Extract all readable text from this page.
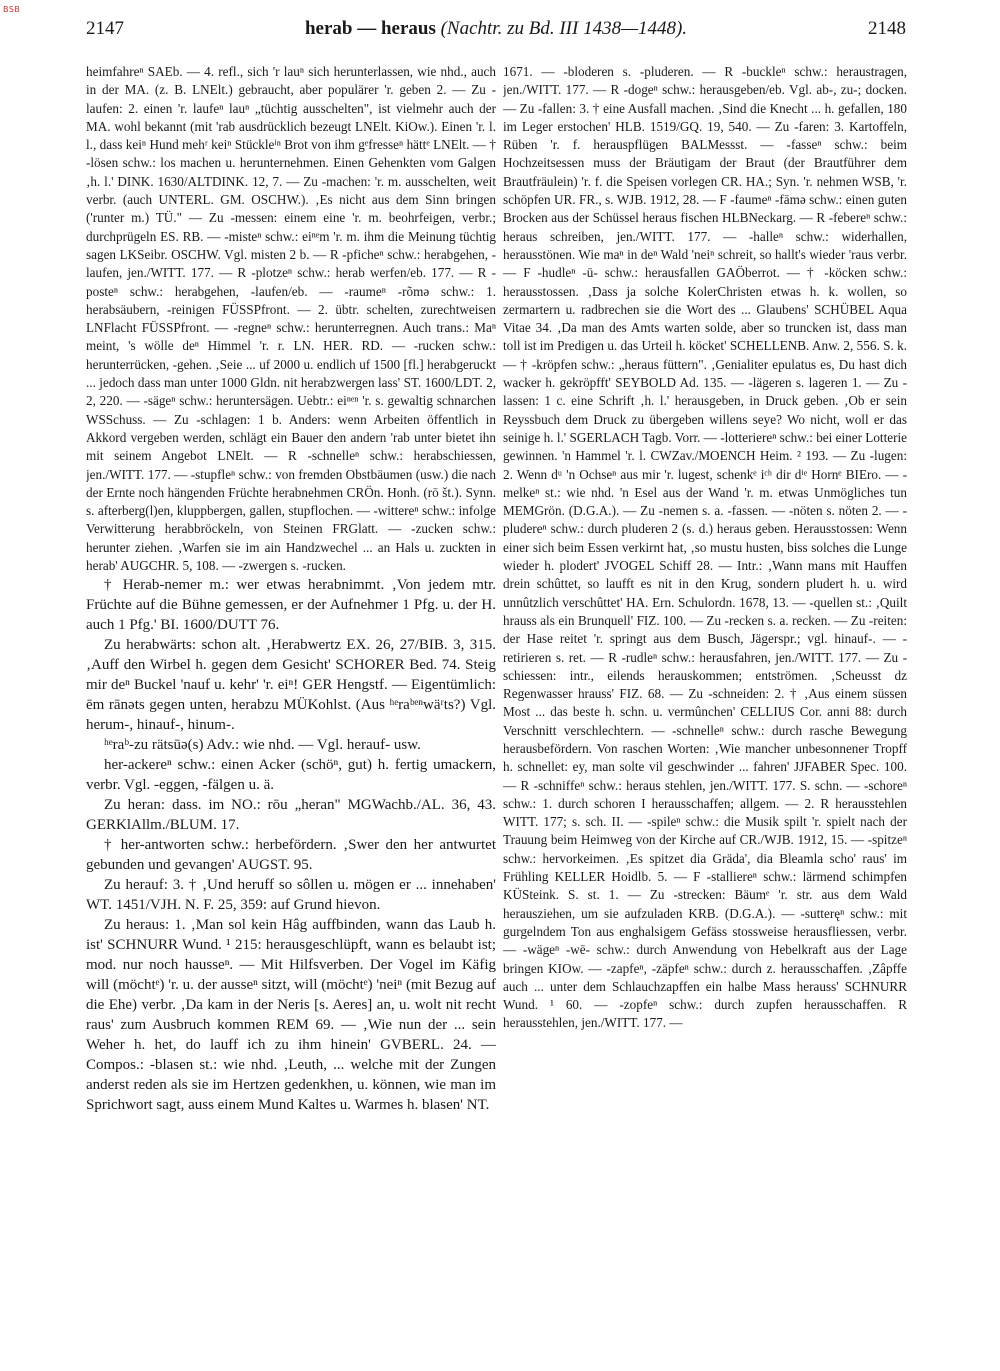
BSB
2147	herab — heraus (Nachtr. zu Bd. III 1438—1448).	2148

heimfahreⁿ SAEb. — 4. refl., sich 'r lauⁿ sich herunterlassen, wie nhd., auch in der MA. (z. B. LNElt.) gebraucht, aber populärer 'r. geben 2. — Zu -laufen: 2. einen 'r. laufeⁿ lauⁿ „tüchtig ausschelten", ist vielmehr auch der MA. wohl bekannt (mit 'rab ausdrücklich bezeugt LNElt. KiOw.). Einen 'r. l. l., dass keiⁿ Hund mehʳ keiⁿ Stückleⁱⁿ Brot von ihm gᵉfresseⁿ hättᵉ LNElt. — † -lösen schw.: los machen u. herunternehmen. Einen Gehenkten vom Galgen ‚h. l.' DINK. 1630/ALTDINK. 12, 7. — Zu -machen: 'r. m. ausschelten, weit verbr. (auch UNTERL. GM. OSCHW.). ‚Es nicht aus dem Sinn bringen ('runter m.) TÜ." — Zu -messen: einem eine 'r. m. beohrfeigen, verbr.; durchprügeln ES. RB. — -misteⁿ schw.: eiⁿᵉm 'r. m. ihm die Meinung tüchtig sagen LKSeibr. OSCHW. Vgl. misten 2 b. — R -pficheⁿ schw.: herabgehen, -laufen, jen./WITT. 177. — R -plotzeⁿ schw.: herab werfen/eb. 177. — R -posteⁿ schw.: herabgehen, -laufen/eb. — -raumeⁿ -rõmə schw.: 1. herabsäubern, -reinigen FÜSSPfront. — 2. übtr. schelten, zurechtweisen LNFlacht FÜSSPfront. — -regneⁿ schw.: herunterregnen. Auch trans.: Maⁿ meint, 's wölle deⁿ Himmel 'r. r. LN. HER. RD. — -rucken schw.: herunterrücken, -gehen. ‚Seie ... uf 2000 u. endlich uf 1500 [fl.] herabgeruckt ... jedoch dass man unter 1000 Gldn. nit herabzwergen lass' ST. 1600/LDT. 2, 2, 220. — -sägeⁿ schw.: heruntersägen. Uebtr.: eiⁿᵉⁿ 'r. s. gewaltig schnarchen WSSchuss. — Zu -schlagen: 1 b. Anders: wenn Arbeiten öffentlich in Akkord vergeben werden, schlägt ein Bauer den andern 'rab unter bietet ihn mit seinem Angebot LNElt. — R -schnelleⁿ schw.: herabschiessen, jen./WITT. 177. — -stupfleⁿ schw.: von fremden Obstbäumen (usw.) die nach der Ernte noch hängenden Früchte herabnehmen CRÖn. Honh. (rō št.). Synn. s. afterberg(l)en, kluppbergen, gallen, stupflochen. — -wittereⁿ schw.: infolge Verwitterung herabbröckeln, von Steinen FRGlatt. — -zucken schw.: herunter ziehen. ‚Warfen sie im ain Handzwechel ... an Hals u. zuckten in herab' AUGCHR. 5, 108. — -zwergen s. -rucken.

† Herab-nemer m.: wer etwas herabnimmt. ‚Von jedem mtr. Früchte auf die Bühne gemessen, er der Aufnehmer 1 Pfg. u. der H. auch 1 Pfg.' BI. 1600/DUTT 76.

Zu herabwärts: schon alt. ‚Herabwertz EX. 26, 27/BIB. 3, 315. ‚Auff den Wirbel h. gegen dem Gesicht' SCHORER Bed. 74. Steig mir deⁿ Buckel 'nauf u. kehr' 'r. eiⁿ! GER Hengstf. — Eigentümlich: ēm rānəts gegen unten, herabzu MÜKohlst. (Aus ʰᵉraᵇᵉⁿwäʳts?) Vgl. herum-, hinauf-, hinum-.

ʰᵉraᵇ-zu rätsūə(s) Adv.: wie nhd. — Vgl. herauf- usw.

her-ackereⁿ schw.: einen Acker (schöⁿ, gut) h. fertig umackern, verbr. Vgl. -eggen, -fälgen u. ä.

Zu heran: dass. im NO.: rōu „heran" MGWachb./AL. 36, 43. GERKlAllm./BLUM. 17.

† her-antworten schw.: herbefördern. ‚Swer den her antwurtet gebunden und gevangen' AUGST. 95.

Zu herauf: 3. † ‚Und heruff so sôllen u. mögen er ... innehaben' WT. 1451/VJH. N. F. 25, 359: auf Grund hievon.

Zu heraus: 1. ‚Man sol kein Hâg auffbinden, wann das Laub h. ist' SCHNURR Wund. ¹ 215: herausgeschlüpft, wann es belaubt ist; mod. nur noch hausseⁿ. — Mit Hilfsverben. Der Vogel im Käfig will (möchtᵉ) 'r. u. der ausseⁿ sitzt, will (möchtᵉ) 'neiⁿ (mit Bezug auf die Ehe) verbr. ‚Da kam in der Neris [s. Aeres] an, u. wolt nit recht raus' zum Ausbruch kommen REM 69. — ‚Wie nun der ... sein Weher h. het, do lauff ich zu ihm hinein' GVBERL. 24. — Compos.: -blasen st.: wie nhd. ‚Leuth, ... welche mit der Zungen anderst reden als sie im Hertzen gedenkhen, u. können, wie man im Sprichwort sagt, auss einem Mund Kaltes u. Warmes h. blasen' NT.

1671. — -bloderen s. -pluderen. — R -buckleⁿ schw.: heraustragen, jen./WITT. 177. — R -dogeⁿ schw.: herausgeben/eb. Vgl. ab-, zu-; docken. — Zu -fallen: 3. † eine Ausfall machen. ‚Sind die Knecht ... h. gefallen, 180 im Leger erstochen' HLB. 1519/GQ. 19, 540. — Zu -faren: 3. Kartoffeln, Rüben 'r. f. herauspflügen BALMessst. — -fasseⁿ schw.: beim Hochzeitsessen muss der Bräutigam der Braut (der Brautführer dem Brautfräulein) 'r. f. die Speisen vorlegen CR. HA.; Syn. 'r. nehmen WSB, 'r. schöpfen UR. FR., s. WJB. 1912, 28. — F -faumeⁿ -fāmə schw.: einen guten Brocken aus der Schüssel heraus fischen HLBNeckarg. — R -febereⁿ schw.: heraus schreiben, jen./WITT. 177. — -halleⁿ schw.: widerhallen, herausstönen. Wie maⁿ in deⁿ Wald 'neiⁿ schreit, so hallt's wieder 'raus verbr. — F -hudleⁿ -ū- schw.: herausfallen GAÖberrot. — † -köcken schw.: herausstossen. ‚Dass ja solche KolerChristen etwas h. k. wollen, so zermartern u. radbrechen sie die Wort des ... Glaubens' SCHÜBEL Aqua Vitae 34. ‚Da man des Amts warten solde, aber so truncken ist, dass man toll ist im Predigen u. das Urteil h. köcket' SCHELLENB. Anw. 2, 556. S. k. — † -kröpfen schw.: „heraus füttern". ‚Genialiter epulatus es, Du hast dich wacker h. gekröpfft' SEYBOLD Ad. 135. — -lägeren s. lageren 1. — Zu -lassen: 1 c. eine Schrift ‚h. l.' herausgeben, in Druck geben. ‚Ob er sein Reyssbuch dem Druck zu übergeben willens seye? Wo nicht, woll er das seinige h. l.' SGERLACH Tagb. Vorr. — -lotteriereⁿ schw.: bei einer Lotterie gewinnen. 'n Hammel 'r. l. CWZav./MOENCH Heim. ² 193. — Zu -lugen: 2. Wenn dᵘ 'n Ochseⁿ aus mir 'r. lugest, schenkᵉ iᶜʰ dir dⁱᵉ Hornᵉ BIEro. — -melkeⁿ st.: wie nhd. 'n Esel aus der Wand 'r. m. etwas Unmögliches tun MEMGrön. (D.G.A.). — Zu -nemen s. a. -fassen. — -nöten s. nöten 2. — -pludereⁿ schw.: durch pluderen 2 (s. d.) heraus geben. Herausstossen: Wenn einer sich beim Essen verkirnt hat, ‚so mustu husten, biss solches die Lunge wieder h. plodert' JVOGEL Schiff 28. — Intr.: ‚Wann mans mit Hauffen drein schûttet, so laufft es nit in den Krug, sondern pludert h. u. wird unnûtzlich verschûttet' HA. Ern. Schulordn. 1678, 13. — -quellen st.: ‚Quilt hrauss als ein Brunquell' FIZ. 100. — Zu -recken s. a. recken. — Zu -reiten: der Hase reitet 'r. springt aus dem Busch, Jägerspr.; vgl. hinauf-. — -retirieren s. ret. — R -rudleⁿ schw.: herausfahren, jen./WITT. 177. — Zu -schiessen: intr., eilends herauskommen; entströmen. ‚Scheusst dz Regenwasser hrauss' FIZ. 68. — Zu -schneiden: 2. † ‚Aus einem süssen Most ... das beste h. schn. u. vermûnchen' CELLIUS Cor. anni 88: durch Verschnitt verschlechtern. — -schnelleⁿ schw.: durch rasche Bewegung herausbefördern. Von raschen Worten: ‚Wie mancher unbesonnener Tropff h. schnellet: ey, man solte vil geschwinder ... fahren' JJFABER Spec. 100. — R -schniffeⁿ schw.: heraus stehlen, jen./WITT. 177. S. schn. — -schoreⁿ schw.: 1. durch schoren I herausschaffen; allgem. — 2. R herausstehlen WITT. 177; s. sch. II. — -spileⁿ schw.: die Musik spilt 'r. spielt nach der Trauung beim Heimweg von der Kirche auf CR./WJB. 1912, 15. — -spitzeⁿ schw.: hervorkeimen. ‚Es spitzet dia Gräda', dia Bleamla scho' raus' im Frühling KELLER Hoidlb. 5. — F -stalliereⁿ schw.: lärmend schimpfen KÜSteink. S. st. 1. — Zu -strecken: Bäumᵉ 'r. str. aus dem Wald herausziehen, um sie aufzuladen KRB. (D.G.A.). — -sutteręⁿ schw.: mit gurgelndem Ton aus enghalsigem Gefäss stossweise herausfliessen, verbr. — -wägeⁿ -wē- schw.: durch Anwendung von Hebelkraft aus der Lage bringen KIOw. — -zapfeⁿ, -zäpfeⁿ schw.: durch z. herausschaffen. ‚Zâpffe auch ... unter dem Schlauchzapffen ein halbe Mass herauss' SCHNURR Wund. ¹ 60. — -zopfeⁿ schw.: durch zupfen herausschaffen. R herausstehlen, jen./WITT. 177. —
